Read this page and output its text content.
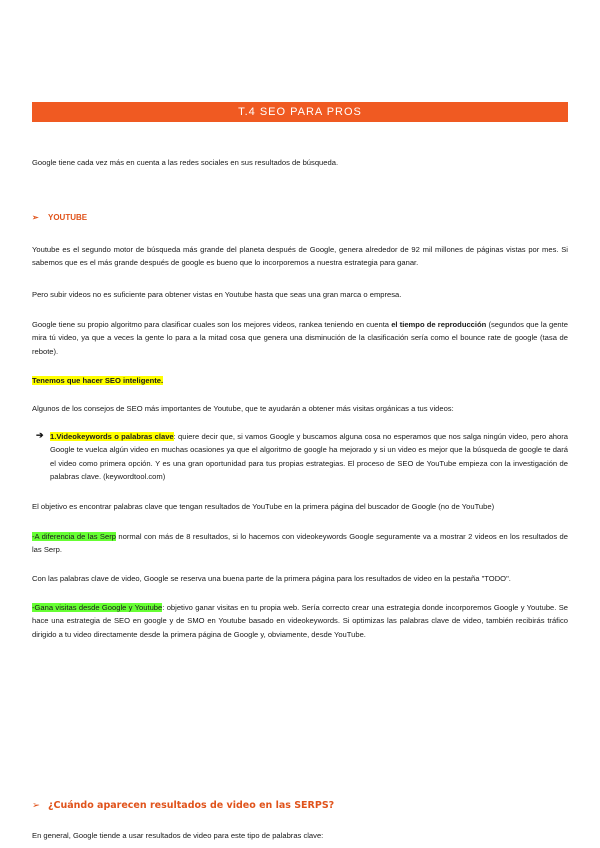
T.4 SEO PARA PROS
Google tiene cada vez más en cuenta a las redes sociales en sus resultados de búsqueda.
➢ YOUTUBE
Youtube es el segundo motor de búsqueda más grande del planeta después de Google, genera alrededor de 92 mil millones de páginas vistas por mes. Si sabemos que es el más grande después de google es bueno que lo incorporemos a nuestra estrategia para ganar.
Pero subir videos no es suficiente para obtener vistas en Youtube hasta que seas una gran marca o empresa.
Google tiene su propio algoritmo para clasificar cuales son los mejores videos, rankea teniendo en cuenta el tiempo de reproducción (segundos que la gente mira tú video, ya que a veces la gente lo para a la mitad cosa que genera una disminución de la clasificación sería como el bounce rate de google (tasa de rebote).
Tenemos que hacer SEO inteligente.
Algunos de los consejos de SEO más importantes de Youtube, que te ayudarán a obtener más visitas orgánicas a tus videos:
➔ 1.Videokeywords o palabras clave: quiere decir que, si vamos Google y buscamos alguna cosa no esperamos que nos salga ningún video, pero ahora Google te vuelca algún video en muchas ocasiones ya que el algoritmo de google ha mejorado y si un video es mejor que la búsqueda de google te dará el video como primera opción. Y es una gran oportunidad para tus propias estrategias. El proceso de SEO de YouTube empieza con la investigación de palabras clave. (keywordtool.com)
El objetivo es encontrar palabras clave que tengan resultados de YouTube en la primera página del buscador de Google (no de YouTube)
-A diferencia de las Serp normal con más de 8 resultados, si lo hacemos con videokeywords Google seguramente va a mostrar 2 videos en los resultados de las Serp.
Con las palabras clave de video, Google se reserva una buena parte de la primera página para los resultados de video en la pestaña "TODO".
-Gana visitas desde Google y Youtube: objetivo ganar visitas en tu propia web. Sería correcto crear una estrategia donde incorporemos Google y Youtube. Se hace una estrategia de SEO en google y de SMO en Youtube basado en videokeywords. Si optimizas las palabras clave de video, también recibirás tráfico dirigido a tu video directamente desde la primera página de Google y, obviamente, desde YouTube.
➢ ¿Cuándo aparecen resultados de video en las SERPS?
En general, Google tiende a usar resultados de video para este tipo de palabras clave:
